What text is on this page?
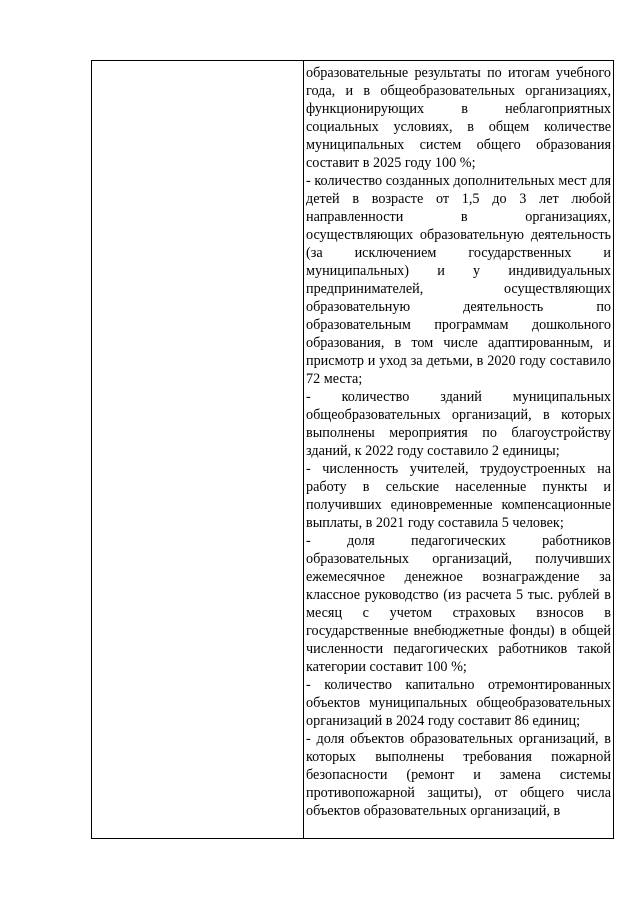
образовательные результаты по итогам учебного года, и в общеобразовательных организациях, функционирующих в неблагоприятных социальных условиях, в общем количестве муниципальных систем общего образования составит в 2025 году 100 %;

- количество созданных дополнительных мест для детей в возрасте от 1,5 до 3 лет любой направленности в организациях, осуществляющих образовательную деятельность (за исключением государственных и муниципальных) и у индивидуальных предпринимателей, осуществляющих образовательную деятельность по образовательным программам дошкольного образования, в том числе адаптированным, и присмотр и уход за детьми, в 2020 году составило 72 места;

- количество зданий муниципальных общеобразовательных организаций, в которых выполнены мероприятия по благоустройству зданий, к 2022 году составило 2 единицы;

- численность учителей, трудоустроенных на работу в сельские населенные пункты и получивших единовременные компенсационные выплаты, в 2021 году составила 5 человек;

- доля педагогических работников образовательных организаций, получивших ежемесячное денежное вознаграждение за классное руководство (из расчета 5 тыс. рублей в месяц с учетом страховых взносов в государственные внебюджетные фонды) в общей численности педагогических работников такой категории составит 100 %;

- количество капитально отремонтированных объектов муниципальных общеобразовательных организаций в 2024 году составит 86 единиц;

- доля объектов образовательных организаций, в которых выполнены требования пожарной безопасности (ремонт и замена системы противопожарной защиты), от общего числа объектов образовательных организаций, в
